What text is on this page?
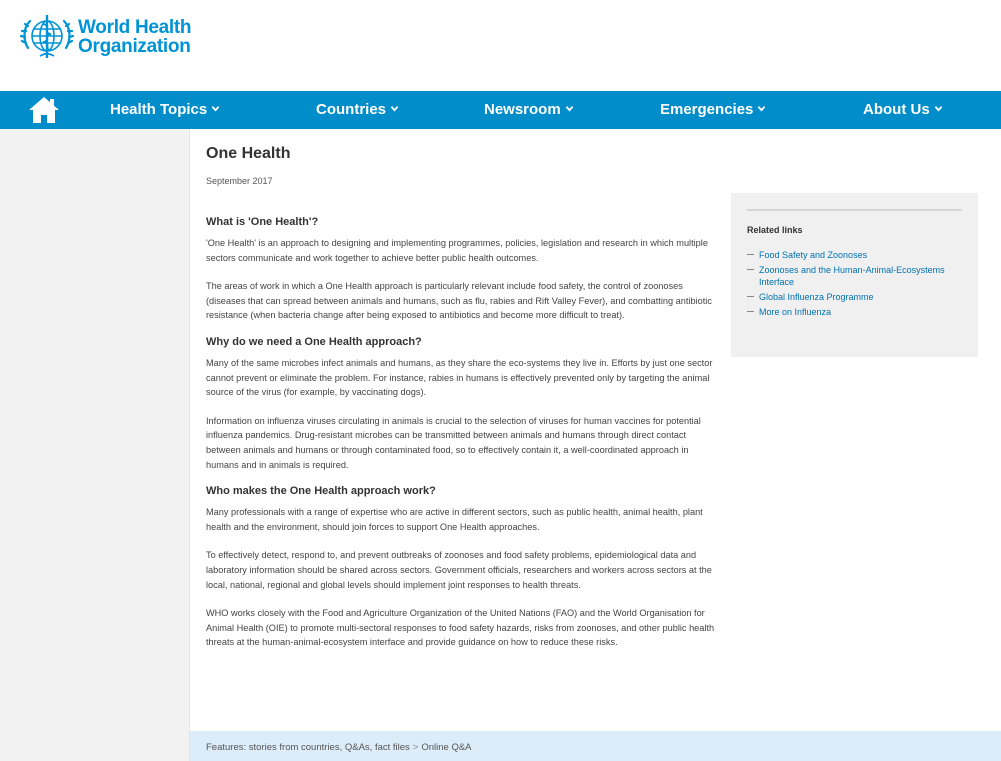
World Health
Organization
Health Topics	Countries	Newsroom	Emergencies	About Us
One Health
September 2017
What is 'One Health'?

'One Health' is an approach to designing and implementing programmes, policies, legislation and research in which multiple sectors communicate and work together to achieve better public health outcomes.

The areas of work in which a One Health approach is particularly relevant include food safety, the control of zoonoses (diseases that can spread between animals and humans, such as flu, rabies and Rift Valley Fever), and combatting antibiotic resistance (when bacteria change after being exposed to antibiotics and become more difficult to treat).

Why do we need a One Health approach?

Many of the same microbes infect animals and humans, as they share the eco-systems they live in. Efforts by just one sector cannot prevent or eliminate the problem. For instance, rabies in humans is effectively prevented only by targeting the animal source of the virus (for example, by vaccinating dogs).

Information on influenza viruses circulating in animals is crucial to the selection of viruses for human vaccines for potential influenza pandemics. Drug-resistant microbes can be transmitted between animals and humans through direct contact between animals and humans or through contaminated food, so to effectively contain it, a well-coordinated approach in humans and in animals is required.

Who makes the One Health approach work?

Many professionals with a range of expertise who are active in different sectors, such as public health, animal health, plant health and the environment, should join forces to support One Health approaches.

To effectively detect, respond to, and prevent outbreaks of zoonoses and food safety problems, epidemiological data and laboratory information should be shared across sectors. Government officials, researchers and workers across sectors at the local, national, regional and global levels should implement joint responses to health threats.

WHO works closely with the Food and Agriculture Organization of the United Nations (FAO) and the World Organisation for Animal Health (OIE) to promote multi-sectoral responses to food safety hazards, risks from zoonoses, and other public health threats at the human-animal-ecosystem interface and provide guidance on how to reduce these risks.

Related links
Food Safety and Zoonoses
Zoonoses and the Human-Animal-Ecosystems Interface
Global Influenza Programme
More on Influenza
Features: stories from countries, Q&As, fact files > Online Q&A
